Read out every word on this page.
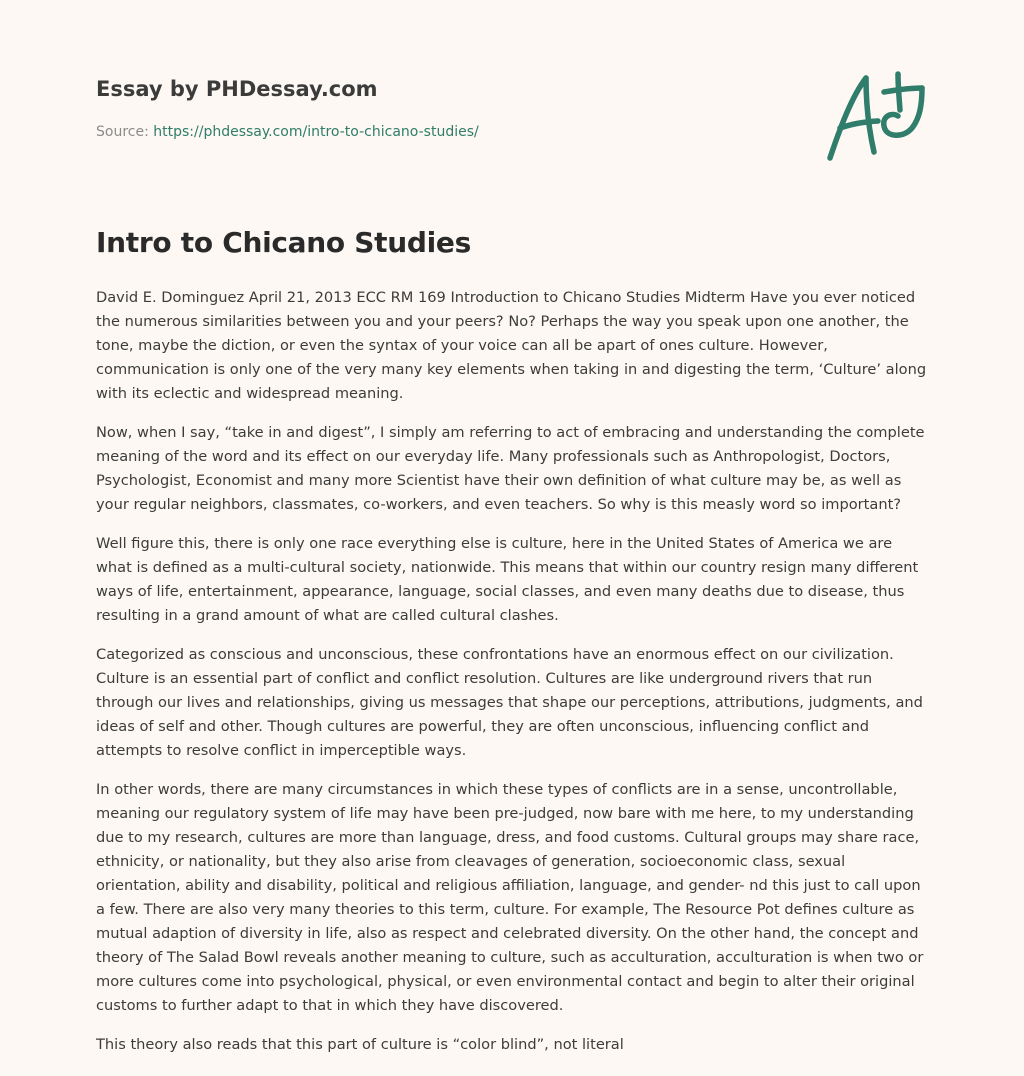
Essay by PHDessay.com
Source: https://phdessay.com/intro-to-chicano-studies/
Intro to Chicano Studies

David E. Dominguez April 21, 2013 ECC RM 169 Introduction to Chicano Studies Midterm Have you ever noticed the numerous similarities between you and your peers? No? Perhaps the way you speak upon one another, the tone, maybe the diction, or even the syntax of your voice can all be apart of ones culture. However, communication is only one of the very many key elements when taking in and digesting the term, ‘Culture’ along with its eclectic and widespread meaning.

Now, when I say, “take in and digest”, I simply am referring to act of embracing and understanding the complete meaning of the word and its effect on our everyday life. Many professionals such as Anthropologist, Doctors, Psychologist, Economist and many more Scientist have their own definition of what culture may be, as well as your regular neighbors, classmates, co-workers, and even teachers. So why is this measly word so important?

Well figure this, there is only one race everything else is culture, here in the United States of America we are what is defined as a multi-cultural society, nationwide. This means that within our country resign many different ways of life, entertainment, appearance, language, social classes, and even many deaths due to disease, thus resulting in a grand amount of what are called cultural clashes.

Categorized as conscious and unconscious, these confrontations have an enormous effect on our civilization. Culture is an essential part of conflict and conflict resolution. Cultures are like underground rivers that run through our lives and relationships, giving us messages that shape our perceptions, attributions, judgments, and ideas of self and other. Though cultures are powerful, they are often unconscious, influencing conflict and attempts to resolve conflict in imperceptible ways.

In other words, there are many circumstances in which these types of conflicts are in a sense, uncontrollable, meaning our regulatory system of life may have been pre-judged, now bare with me here, to my understanding due to my research, cultures are more than language, dress, and food customs. Cultural groups may share race, ethnicity, or nationality, but they also arise from cleavages of generation, socioeconomic class, sexual orientation, ability and disability, political and religious affiliation, language, and gender- nd this just to call upon a few. There are also very many theories to this term, culture. For example, The Resource Pot defines culture as mutual adaption of diversity in life, also as respect and celebrated diversity. On the other hand, the concept and theory of The Salad Bowl reveals another meaning to culture, such as acculturation, acculturation is when two or more cultures come into psychological, physical, or even environmental contact and begin to alter their original customs to further adapt to that in which they have discovered.

This theory also reads that this part of culture is “color blind”, not literal
